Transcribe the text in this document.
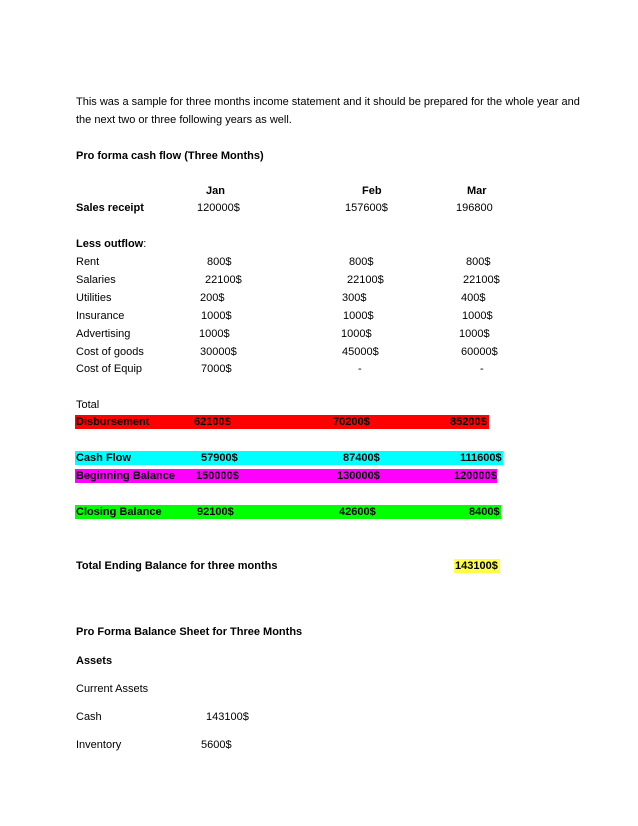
This was a sample for three months income statement and it should be prepared for the whole year and
the next two or three following years as well.
Pro forma cash flow (Three Months)
Jan	Feb	Mar
Sales receipt	120000$	157600$	196800
Less outflow:
Rent	800$	800$	800$
Salaries	22100$	22100$	22100$
Utilities	200$	300$	400$
Insurance	1000$	1000$	1000$
Advertising	1000$	1000$	1000$
Cost of goods	30000$	45000$	60000$
Cost of Equip	7000$	-	-
Total
Disbursement	62100$	70200$	85200$
Cash Flow	57900$	87400$	111600$
Beginning Balance 150000$	130000$	120000$
Closing Balance	92100$	42600$	8400$
Total Ending Balance for three months	143100$
Pro Forma Balance Sheet for Three Months
Assets
Current Assets
Cash	143100$
Inventory	5600$
